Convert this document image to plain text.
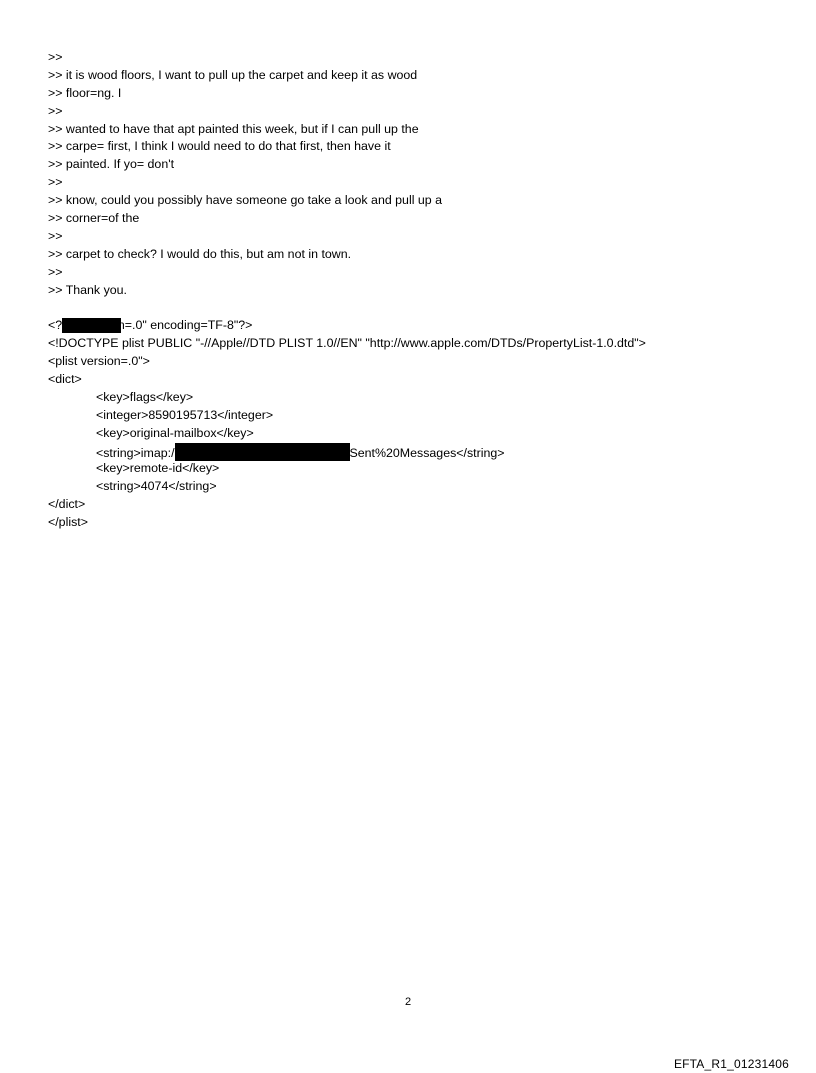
>>
>> it is wood floors, I want to pull up the carpet and keep it as wood
>> floor=ng. I
>>
>> wanted to have that apt painted this week, but if I can pull up the
>> carpe= first, I think I would need to do that first, then have it
>> painted. If yo= don't
>>
>> know, could you possibly have someone go take a look and pull up a
>> corner=of the
>>
>> carpet to check? I would do this, but am not in town.
>>
>> Thank you.

<?xml version=.0" encoding=TF-8"?>
<!DOCTYPE plist PUBLIC "-//Apple//DTD PLIST 1.0//EN" "http://www.apple.com/DTDs/PropertyList-1.0.dtd">
<plist version=.0">
<dict>
<key>flags</key>
<integer>8590195713</integer>
<key>original-mailbox</key>
<string>imap:/	Sent%20Messages</string>
<key>remote-id</key>
<string>4074</string>
</dict>
</plist>
2
EFTA_R1_01231406
